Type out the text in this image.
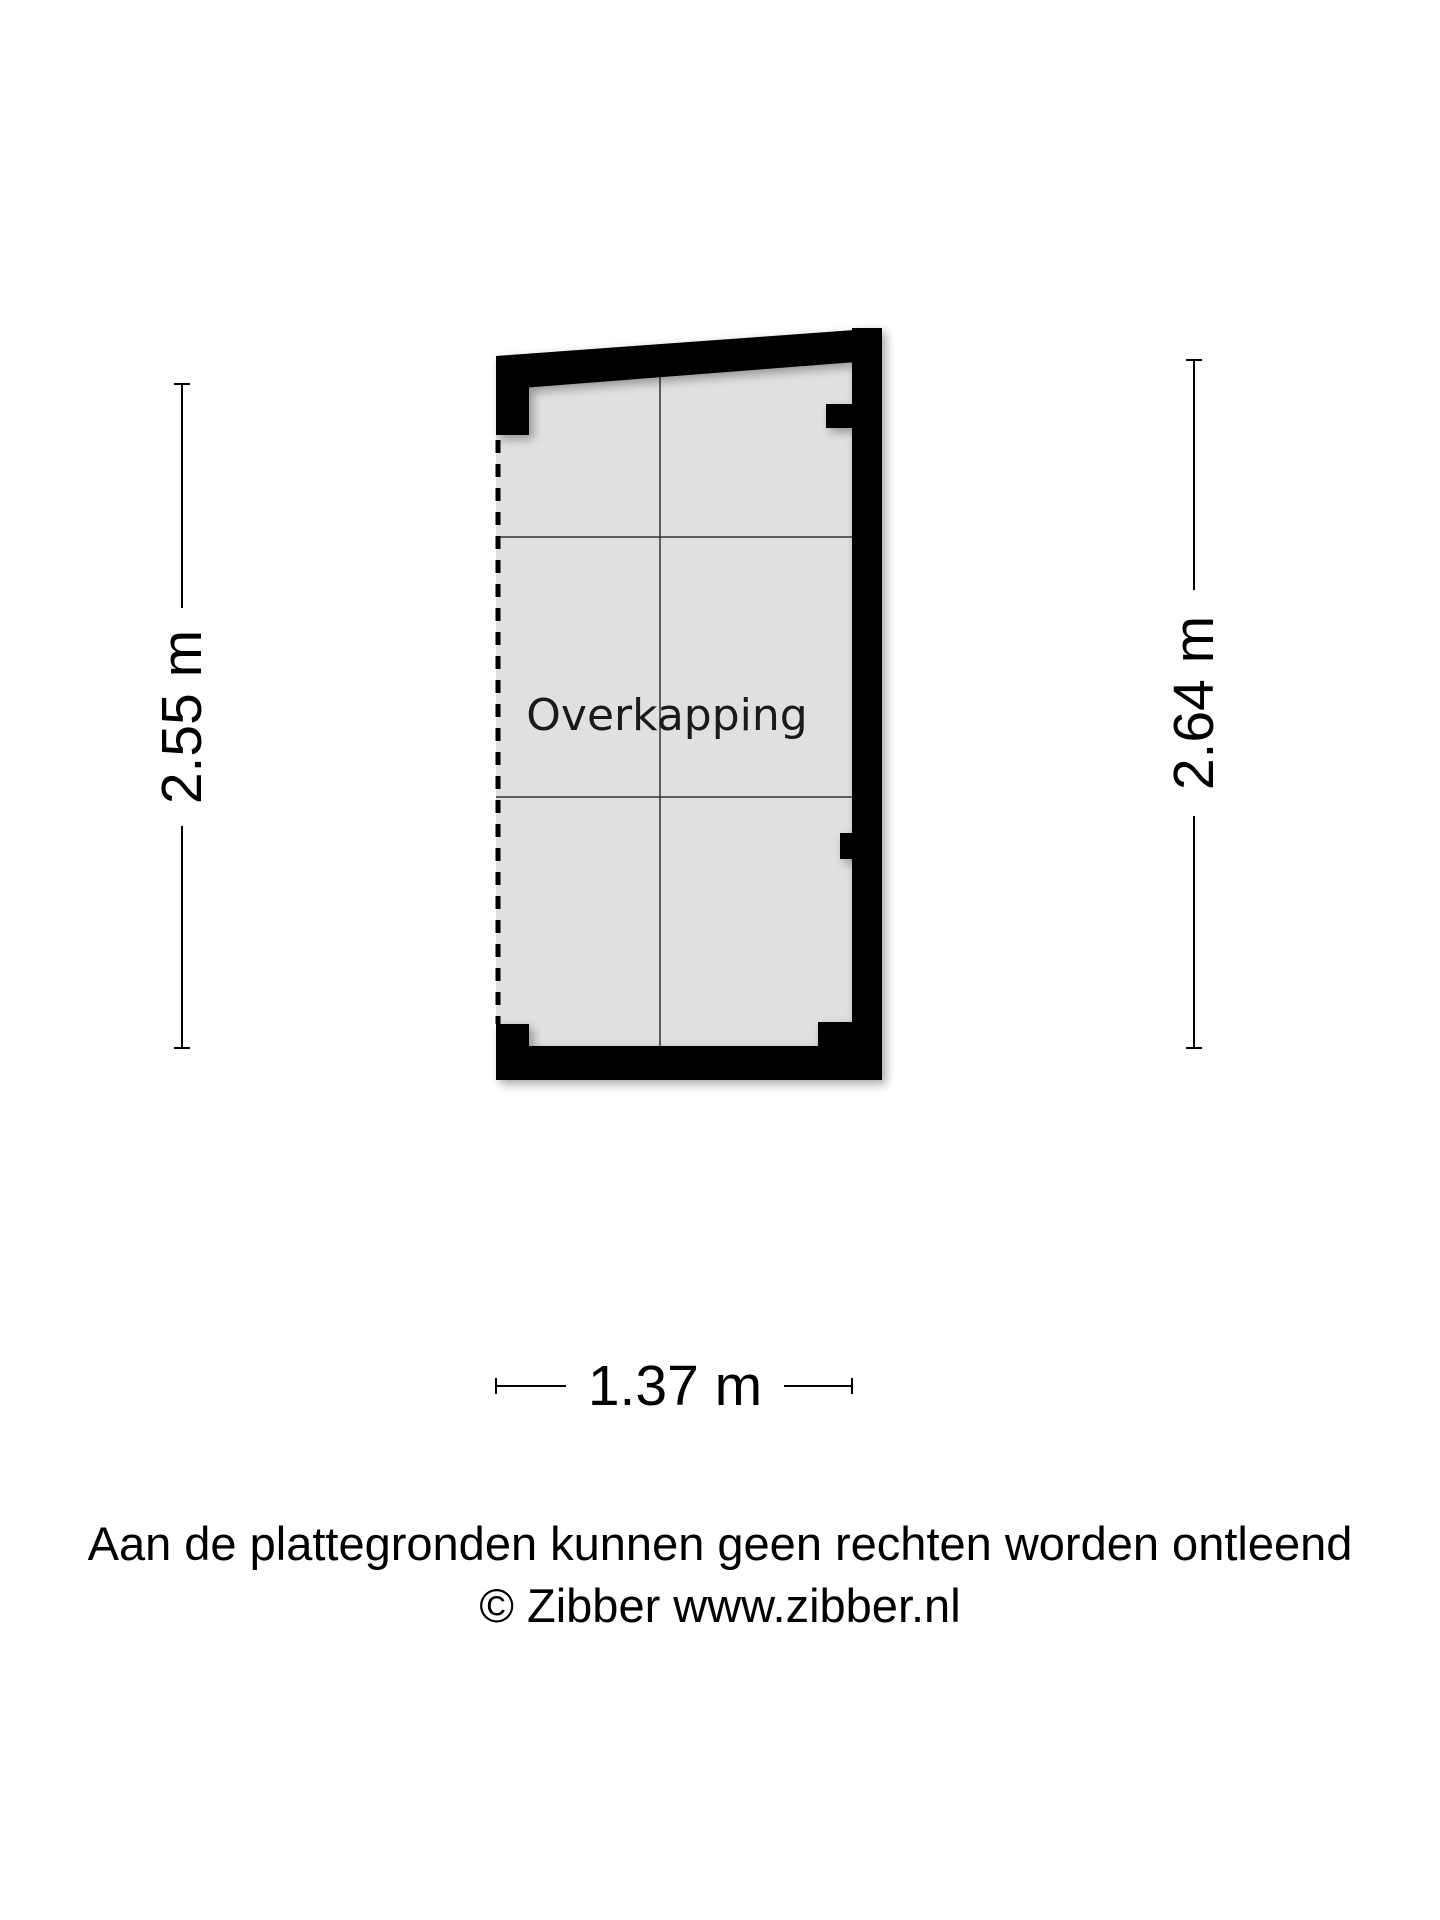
Overkapping
2.55 m	2.64 m
1.37 m
Aan de plattegronden kunnen geen rechten worden ontleend
© Zibber www.zibber.nl
